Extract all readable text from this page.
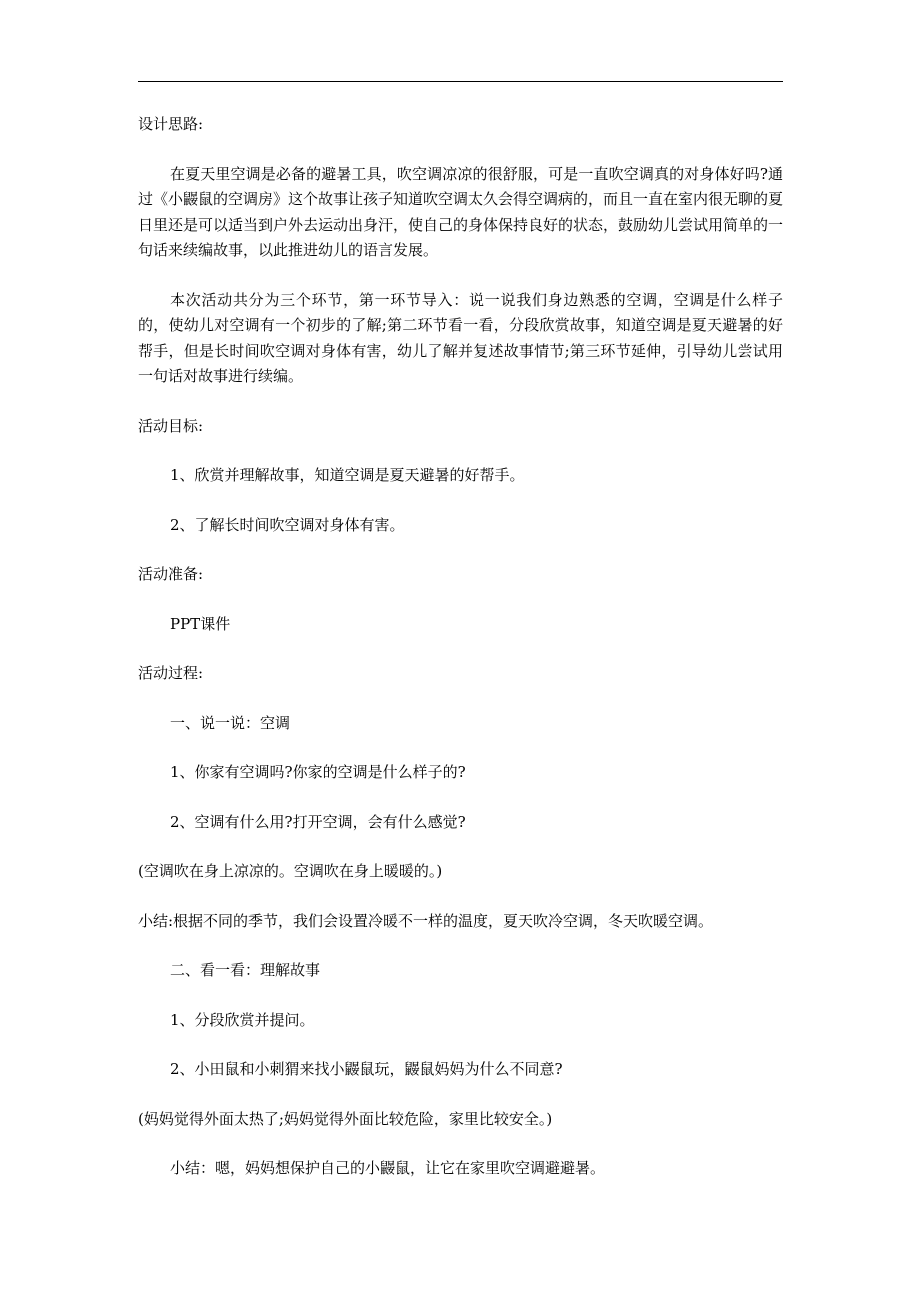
设计思路:

在夏天里空调是必备的避暑工具，吹空调凉凉的很舒服，可是一直吹空调真的对身体好吗?通过《小鼹鼠的空调房》这个故事让孩子知道吹空调太久会得空调病的，而且一直在室内很无聊的夏日里还是可以适当到户外去运动出身汗，使自己的身体保持良好的状态，鼓励幼儿尝试用简单的一句话来续编故事，以此推进幼儿的语言发展。

本次活动共分为三个环节，第一环节导入：说一说我们身边熟悉的空调，空调是什么样子的，使幼儿对空调有一个初步的了解;第二环节看一看，分段欣赏故事，知道空调是夏天避暑的好帮手，但是长时间吹空调对身体有害，幼儿了解并复述故事情节;第三环节延伸，引导幼儿尝试用一句话对故事进行续编。

活动目标:

1、欣赏并理解故事，知道空调是夏天避暑的好帮手。

2、了解长时间吹空调对身体有害。

活动准备:

PPT课件

活动过程:

一、说一说：空调

1、你家有空调吗?你家的空调是什么样子的?

2、空调有什么用?打开空调，会有什么感觉?

(空调吹在身上凉凉的。空调吹在身上暖暖的。)

小结:根据不同的季节，我们会设置冷暖不一样的温度，夏天吹冷空调，冬天吹暖空调。

二、看一看：理解故事

1、分段欣赏并提问。

2、小田鼠和小刺猬来找小鼹鼠玩，鼹鼠妈妈为什么不同意?

(妈妈觉得外面太热了;妈妈觉得外面比较危险，家里比较安全。)

小结：嗯，妈妈想保护自己的小鼹鼠，让它在家里吹空调避避暑。
